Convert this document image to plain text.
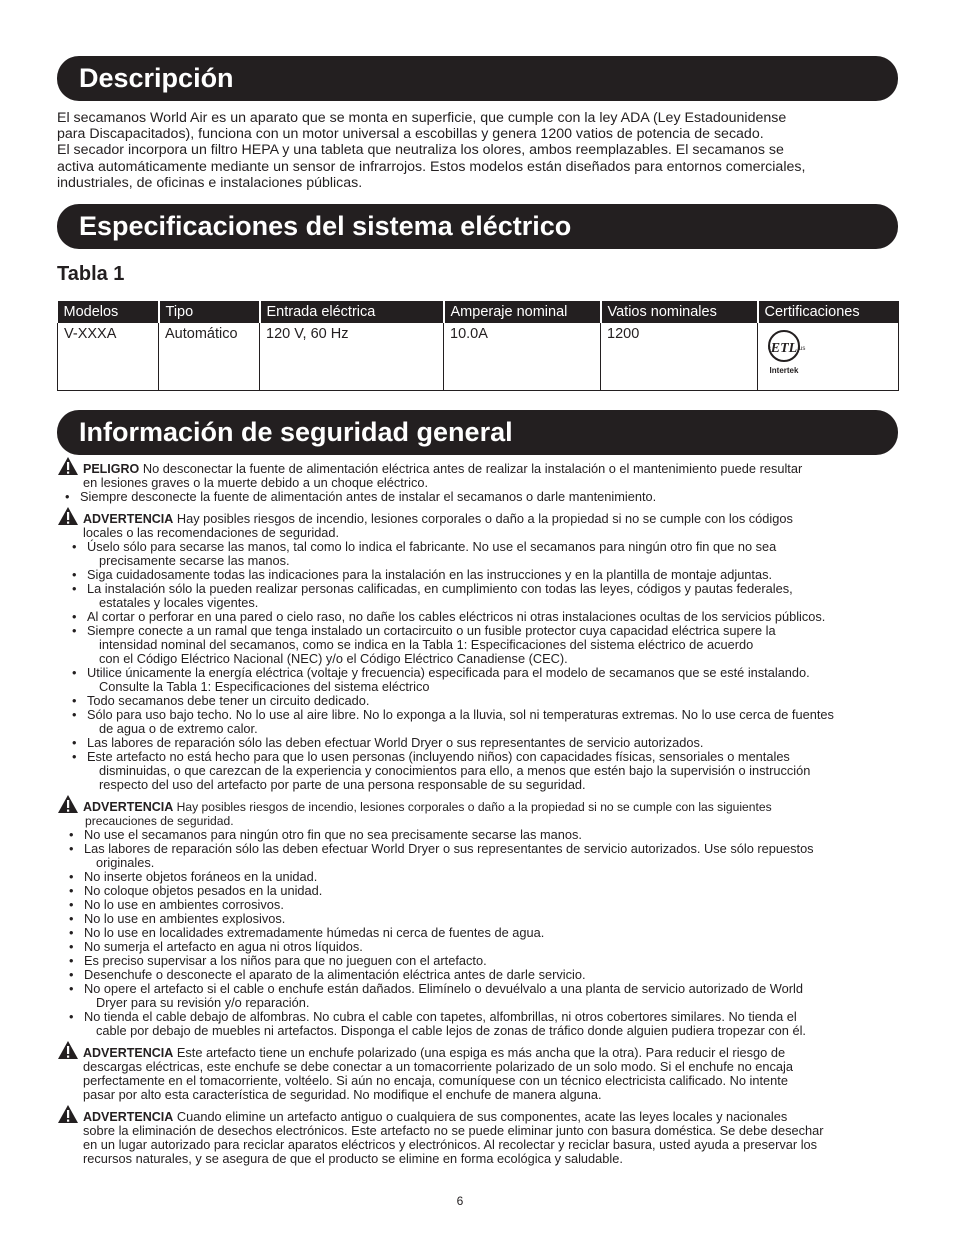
Descripción
El secamanos World Air es un aparato que se monta en superficie, que cumple con la ley ADA (Ley Estadounidense
para Discapacitados), funciona con un motor universal a escobillas y genera 1200 vatios de potencia de secado.
El secador incorpora un filtro HEPA y una tableta que neutraliza los olores, ambos reemplazables. El secamanos se
activa automáticamente mediante un sensor de infrarrojos. Estos modelos están diseñados para entornos comerciales,
industriales, de oficinas e instalaciones públicas.
Especificaciones del sistema eléctrico
Tabla 1
Modelos	Tipo	Entrada eléctrica	Amperaje nominal	Vatios nominales	Certificaciones
V-XXXA	Automático	120 V, 60 Hz	10.0A	1200	ETL
c us
Intertek
Información de seguridad general
PELIGRO No desconectar la fuente de alimentación eléctrica antes de realizar la instalación o el mantenimiento puede resultar
en lesiones graves o la muerte debido a un choque eléctrico.
• Siempre desconecte la fuente de alimentación antes de instalar el secamanos o darle mantenimiento.
ADVERTENCIA Hay posibles riesgos de incendio, lesiones corporales o daño a la propiedad si no se cumple con los códigos
locales o las recomendaciones de seguridad.
• Úselo sólo para secarse las manos, tal como lo indica el fabricante. No use el secamanos para ningún otro fin que no sea
precisamente secarse las manos.
• Siga cuidadosamente todas las indicaciones para la instalación en las instrucciones y en la plantilla de montaje adjuntas.
• La instalación sólo la pueden realizar personas calificadas, en cumplimiento con todas las leyes, códigos y pautas federales,
estatales y locales vigentes.
• Al cortar o perforar en una pared o cielo raso, no dañe los cables eléctricos ni otras instalaciones ocultas de los servicios públicos.
• Siempre conecte a un ramal que tenga instalado un cortacircuito o un fusible protector cuya capacidad eléctrica supere la
intensidad nominal del secamanos, como se indica en la Tabla 1: Especificaciones del sistema eléctrico de acuerdo
con el Código Eléctrico Nacional (NEC) y/o el Código Eléctrico Canadiense (CEC).
• Utilice únicamente la energía eléctrica (voltaje y frecuencia) especificada para el modelo de secamanos que se esté instalando.
Consulte la Tabla 1: Especificaciones del sistema eléctrico
• Todo secamanos debe tener un circuito dedicado.
• Sólo para uso bajo techo. No lo use al aire libre. No lo exponga a la lluvia, sol ni temperaturas extremas. No lo use cerca de fuentes
de agua o de extremo calor.
• Las labores de reparación sólo las deben efectuar World Dryer o sus representantes de servicio autorizados.
• Este artefacto no está hecho para que lo usen personas (incluyendo niños) con capacidades físicas, sensoriales o mentales
disminuidas, o que carezcan de la experiencia y conocimientos para ello, a menos que estén bajo la supervisión o instrucción
respecto del uso del artefacto por parte de una persona responsable de su seguridad.
ADVERTENCIA Hay posibles riesgos de incendio, lesiones corporales o daño a la propiedad si no se cumple con las siguientes
precauciones de seguridad.
• No use el secamanos para ningún otro fin que no sea precisamente secarse las manos.
• Las labores de reparación sólo las deben efectuar World Dryer o sus representantes de servicio autorizados. Use sólo repuestos
originales.
• No inserte objetos foráneos en la unidad.
• No coloque objetos pesados en la unidad.
• No lo use en ambientes corrosivos.
• No lo use en ambientes explosivos.
• No lo use en localidades extremadamente húmedas ni cerca de fuentes de agua.
• No sumerja el artefacto en agua ni otros líquidos.
• Es preciso supervisar a los niños para que no jueguen con el artefacto.
• Desenchufe o desconecte el aparato de la alimentación eléctrica antes de darle servicio.
• No opere el artefacto si el cable o enchufe están dañados. Elimínelo o devuélvalo a una planta de servicio autorizado de World
Dryer para su revisión y/o reparación.
• No tienda el cable debajo de alfombras. No cubra el cable con tapetes, alfombrillas, ni otros cobertores similares. No tienda el
cable por debajo de muebles ni artefactos. Disponga el cable lejos de zonas de tráfico donde alguien pudiera tropezar con él.
ADVERTENCIA Este artefacto tiene un enchufe polarizado (una espiga es más ancha que la otra). Para reducir el riesgo de
descargas eléctricas, este enchufe se debe conectar a un tomacorriente polarizado de un solo modo. Si el enchufe no encaja
perfectamente en el tomacorriente, voltéelo. Si aún no encaja, comuníquese con un técnico electricista calificado. No intente
pasar por alto esta característica de seguridad. No modifique el enchufe de manera alguna.
ADVERTENCIA Cuando elimine un artefacto antiguo o cualquiera de sus componentes, acate las leyes locales y nacionales
sobre la eliminación de desechos electrónicos. Este artefacto no se puede eliminar junto con basura doméstica. Se debe desechar
en un lugar autorizado para reciclar aparatos eléctricos y electrónicos. Al recolectar y reciclar basura, usted ayuda a preservar los
recursos naturales, y se asegura de que el producto se elimine en forma ecológica y saludable.
6
